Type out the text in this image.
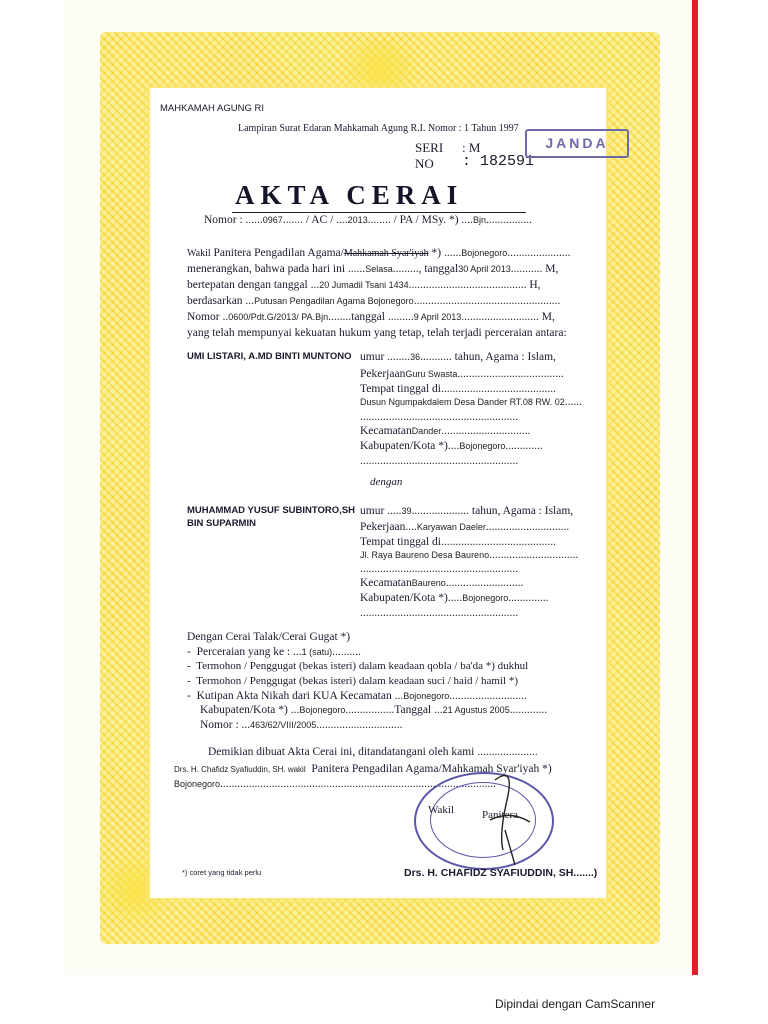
MAHKAMAH AGUNG RI
Lampiran Surat Edaran Mahkamah Agung R.I. Nomor : 1 Tahun 1997
SERI : M
NO : 182591
JANDA
AKTA CERAI
Nomor : ......0967....... / AC / ....2013........ / PA / MSy. *) ....Bjn................
Wakil Panitera Pengadilan Agama/Mahkamah Syar'iyah *) ......Bojonegoro......................
menerangkan, bahwa pada hari ini ......Selasa........., tanggal30 April 2013........... M,
bertepatan dengan tanggal ...20 Jumadil Tsani 1434......................................... H,
berdasarkan ...Putusan Pengadilan Agama Bojonegoro...................................................
Nomor ..0600/Pdt.G/2013/ PA.Bjn........tanggal .........9 April 2013........................... M,
yang telah mempunyai kekuatan hukum yang tetap, telah terjadi perceraian antara:
UMI LISTARI, A.MD BINTI MUNTONO umur ........36........... tahun, Agama : Islam,
PekerjaanGuru Swasta.....................................
Tempat tinggal di........................................
Dusun Ngumpakdalem Desa Dander RT.08 RW. 02......
.......................................................
KecamatanDander...............................
Kabupaten/Kota *)....Bojonegoro.............
.......................................................
dengan
MUHAMMAD YUSUF SUBINTORO,SH
BIN SUPARMIN
umur .....39.................... tahun, Agama : Islam,
Pekerjaan....Karyawan Daeler.............................
Tempat tinggal di........................................
Jl. Raya Baureno Desa Baureno...............................
.......................................................
KecamatanBaureno...........................
Kabupaten/Kota *).....Bojonegoro..............
.......................................................
Dengan Cerai Talak/Cerai Gugat *)
-  Perceraian yang ke : ...1 (satu)..........
-  Termohon / Penggugat (bekas isteri) dalam keadaan qobla / ba'da *) dukhul
-  Termohon / Penggugat (bekas isteri) dalam keadaan suci / haid / hamil *)
-  Kutipan Akta Nikah dari KUA Kecamatan ...Bojonegoro...........................
Kabupaten/Kota *) ...Bojonegoro.................Tanggal ...21 Agustus 2005.............
Nomor : ...463/62/VIII/2005..............................
Demikian dibuat Akta Cerai ini, ditandatangani oleh kami .....................
Drs. H. Chafidz Syafiuddin, SH. wakil Panitera Pengadilan Agama/Mahkamah Syar'iyah *)
Bojonegoro................................................................................................
Wakil	Panitera
*) coret yang tidak perlu	Drs. H. CHAFIDZ SYAFIUDDIN, SH.......)
Dipindai dengan CamScanner
